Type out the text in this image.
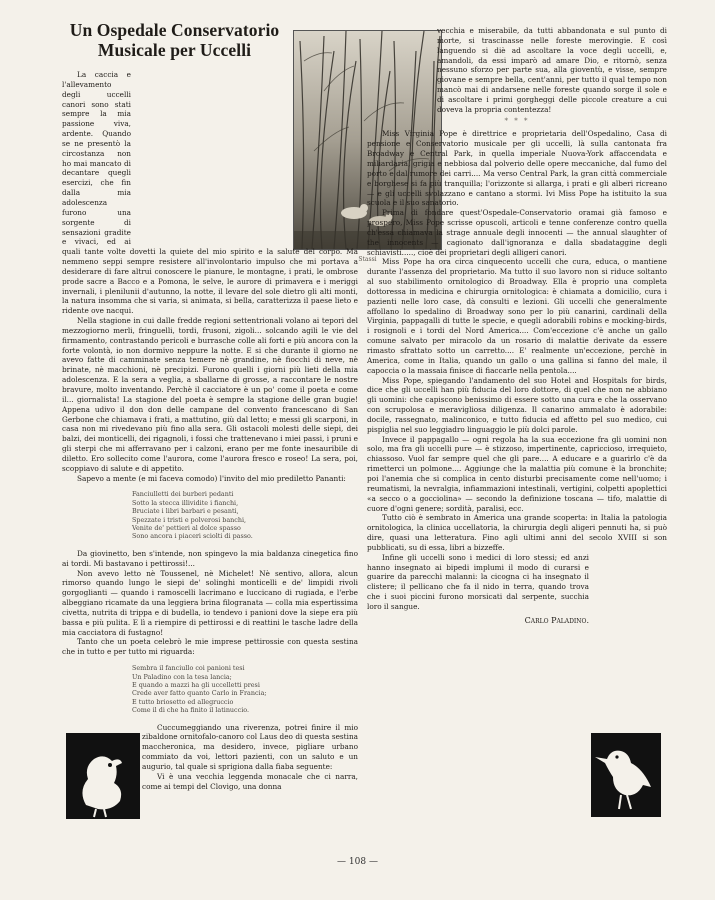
Un Ospedale Conservatorio Musicale per Uccelli
Stassi

La caccia e l'allevamento degli uccelli canori sono stati sempre la mia passione viva, ardente. Quando se ne presentò la circostanza non ho mai mancato di decantare quegli esercizi, che fin dalla mia adolescenza furono una sorgente di sensazioni gradite e vivaci, ed ai quali tante volte dovetti la quiete del mio spirito e la salute del corpo. Ma nemmeno seppi sempre resistere all'involontario impulso che mi portava a desiderare di fare altrui conoscere le pianure, le montagne, i prati, le ombrose prode sacre a Bacco e a Pomona, le selve, le aurore di primavera e i meriggi invernali, i plenilunii d'autunno, la notte, il levare del sole dietro gli alti monti, la natura insomma che si varia, si animata, si bella, caratterizza il paese lieto e ridente ove nacqui.

Nella stagione in cui dalle fredde regioni settentrionali volano ai tepori del mezzogiorno merli, fringuelli, tordi, frusoni, zigoli... solcando agili le vie del firmamento, contrastando pericoli e burrasche colle ali forti e più ancora con la forte volontà, io non dormivo neppure la notte. E si che durante il giorno ne avevo fatte di camminate senza temere nè grandine, nè fiocchi di neve, nè brinate, nè macchioni, nè precipizi. Furono quelli i giorni più lieti della mia adolescenza. E la sera a veglia, a sballarne di grosse, a raccontare le nostre bravure, molto inventando. Perchè il cacciatore è un po' come il poeta e come il... giornalista! La stagione del poeta è sempre la stagione delle gran bugie! Appena udivo il don don delle campane del convento francescano di San Gerbone che chiamava i frati, a mattutino, giù dal letto; e messi gli scarponi, in casa non mi rivedevano più fino alla sera. Gli ostacoli molesti delle siepi, dei balzi, dei monticelli, dei rigagnoli, i fossi che trattenevano i miei passi, i pruni e gli sterpi che mi afferravano per i calzoni, erano per me fonte inesauribile di diletto. Ero sollecito come l'aurora, come l'aurora fresco e roseo! La sera, poi, scoppiavo di salute e di appetito.

Sapevo a mente (e mi faceva comodo) l'invito del mio prediletto Pananti:

Fanciulletti dei burberi pedanti
Sotto la stecca illividite i fianchi,
Bruciate i libri barbari e pesanti,
Spezzate i tristi e polverosi banchi,
Venite de' pettieri al dolce spasso
Sono ancora i piaceri sciolti di passo.

Da giovinetto, ben s'intende, non spingevo la mia baldanza cinegetica fino ai tordi. Mi bastavano i pettirossi!...

Non avevo letto nè Toussenel, nè Michelet! Nè sentivo, allora, alcun rimorso quando lungo le siepi de' solinghi monticelli e de' limpidi rivoli gorgoglianti — quando i ramoscelli lacrimano e luccicano di rugiada, e l'erbe albeggiano ricamate da una leggiera brina filogranata — colla mia espertissima civetta, nutrita di trippa e di budella, io tendevo i panioni dove la siepe era più bassa e più pulita. E lì a riempire di pettirossi e di reattini le tasche ladre della mia cacciatora di fustagno!

Tanto che un poeta celebrò le mie imprese pettirossie con questa sestina che in tutto e per tutto mi riguarda:

Sembra il fanciullo coi panioni tesi
Un Paladino con la tesa lancia;
E quando a mazzi ha gli uccelletti presi
Crede aver fatto quanto Carlo in Francia;
E tutto briosetto ed allegruccio
Come il di che ha finito il latinuccio.

Cuccumeggiando una riverenza, potrei finire il mio zibaldone ornitofalo-canoro col Laus deo di questa sestina maccheronica, ma desidero, invece, pigliare urbano commiato da voi, lettori pazienti, con un saluto e un augurio, tal quale si sprigiona dalla fiaba seguente:

Vi è una vecchia leggenda monacale che ci narra, come ai tempi del Clovigo, una donna

vecchia e miserabile, da tutti abbandonata e sul punto di morte, si trascinasse nelle foreste merovingie. E così languendo si diè ad ascoltare la voce degli uccelli, e, amandoli, da essi imparò ad amare Dio, e ritornò, senza nessuno sforzo per parte sua, alla gioventù, e visse, sempre giovane e sempre bella, cent'anni, per tutto il qual tempo non mancò mai di andarsene nelle foreste quando sorge il sole e di ascoltare i primi gorgheggi delle piccole creature a cui doveva la propria contentezza!

* * *

Miss Virginia Pope è direttrice e proprietaria dell'Ospedalino, Casa di pensione e Conservatorio musicale per gli uccelli, là sulla cantonata fra Broadway e Central Park, in quella imperiale Nuova-York affaccendata e miliardaria, grigia e nebbiosa dal polverio delle opere meccaniche, dal fumo del porto e dal rumore dei carri.... Ma verso Central Park, la gran città commerciale e borghese si fa più tranquilla; l'orizzonte si allarga, i prati e gli alberi ricreano — e gli uccelli svolazzano e cantano a stormi. Ivi Miss Pope ha istituito la sua scuola e il suo sanatorio.

Prima di fondare quest'Ospedale-Conservatorio oramai già famoso e prospero, Miss Pope scrisse opuscoli, articoli e tenne conferenze contro quella ch'essa chiamava la strage annuale degli innocenti — the annual slaughter of the innocents — cagionato dall'ignoranza e dalla sbadataggine degli schiavisti....., cioè dei proprietari degli alligeri canori.

Miss Pope ha ora circa cinquecento uccelli che cura, educa, o mantiene durante l'assenza del proprietario. Ma tutto il suo lavoro non si riduce soltanto al suo stabilimento ornitologico di Broadway. Ella è proprio una completa dottoressa in medicina e chirurgia ornitologica: è chiamata a domicilio, cura i pazienti nelle loro case, dà consulti e lezioni. Gli uccelli che generalmente affollano lo spedalino di Broadway sono per lo più canarini, cardinali della Virginia, pappagalli di tutte le specie, e quegli adorabili robins e mocking-birds, i rosignoli e i tordi del Nord America.... Com'eccezione c'è anche un gallo comune salvato per miracolo da un rosario di malattie derivate da essere rimasto sfrattato sotto un carretto.... E' realmente un'eccezione, perchè in America, come in Italia, quando un gallo o una gallina si fanno del male, il capoccia o la massaia finisce di fiaccarle nella pentola....

Miss Pope, spiegando l'andamento del suo Hotel and Hospitals for birds, dice che gli uccelli han più fiducia del loro dottore, di quel che non ne abbiano gli uomini: che capiscono benissimo di essere sotto una cura e che la osservano con scrupolosa e meravigliosa diligenza. Il canarino ammalato è adorabile: docile, rassegnato, malinconico, e tutto fiducia ed affetto pel suo medico, cui pispiglia nel suo leggiadro linguaggio le più dolci parole.

Invece il pappagallo — ogni regola ha la sua eccezione fra gli uomini non solo, ma fra gli uccelli pure — è stizzoso, impertinente, capriccioso, irrequieto, chiassoso. Vuol far sempre quel che gli pare.... A educare e a guarirlo c'è da rimetterci un polmone.... Aggiunge che la malattia più comune è la bronchite; poi l'anemia che si complica in cento disturbi precisamente come nell'uomo; i reumatismi, la nevralgia, infiammazioni intestinali, vertigini, colpetti apoplettici «a secco o a gocciolina» — secondo la definizione toscana — tifo, malattie di cuore d'ogni genere; sordità, paralisi, ecc.

Tutto ciò è sembrato in America una grande scoperta: in Italia la patologia ornitologica, la clinica uccellatoria, la chirurgia degli aligeri pennuti ha, si può dire, quasi una letteratura. Fino agli ultimi anni del secolo XVIII si son pubblicati, su di essa, libri a bizzeffe.

Infine gli uccelli sono i medici di loro stessi; ed anzi hanno insegnato ai bipedi implumi il modo di curarsi e guarire da parecchi malanni: la cicogna ci ha insegnato il clistere; il pellicano che fa il nido in terra, quando trova che i suoi piccini furono morsicati dal serpente, succhia loro il sangue.

Carlo Paladino.
— 108 —
